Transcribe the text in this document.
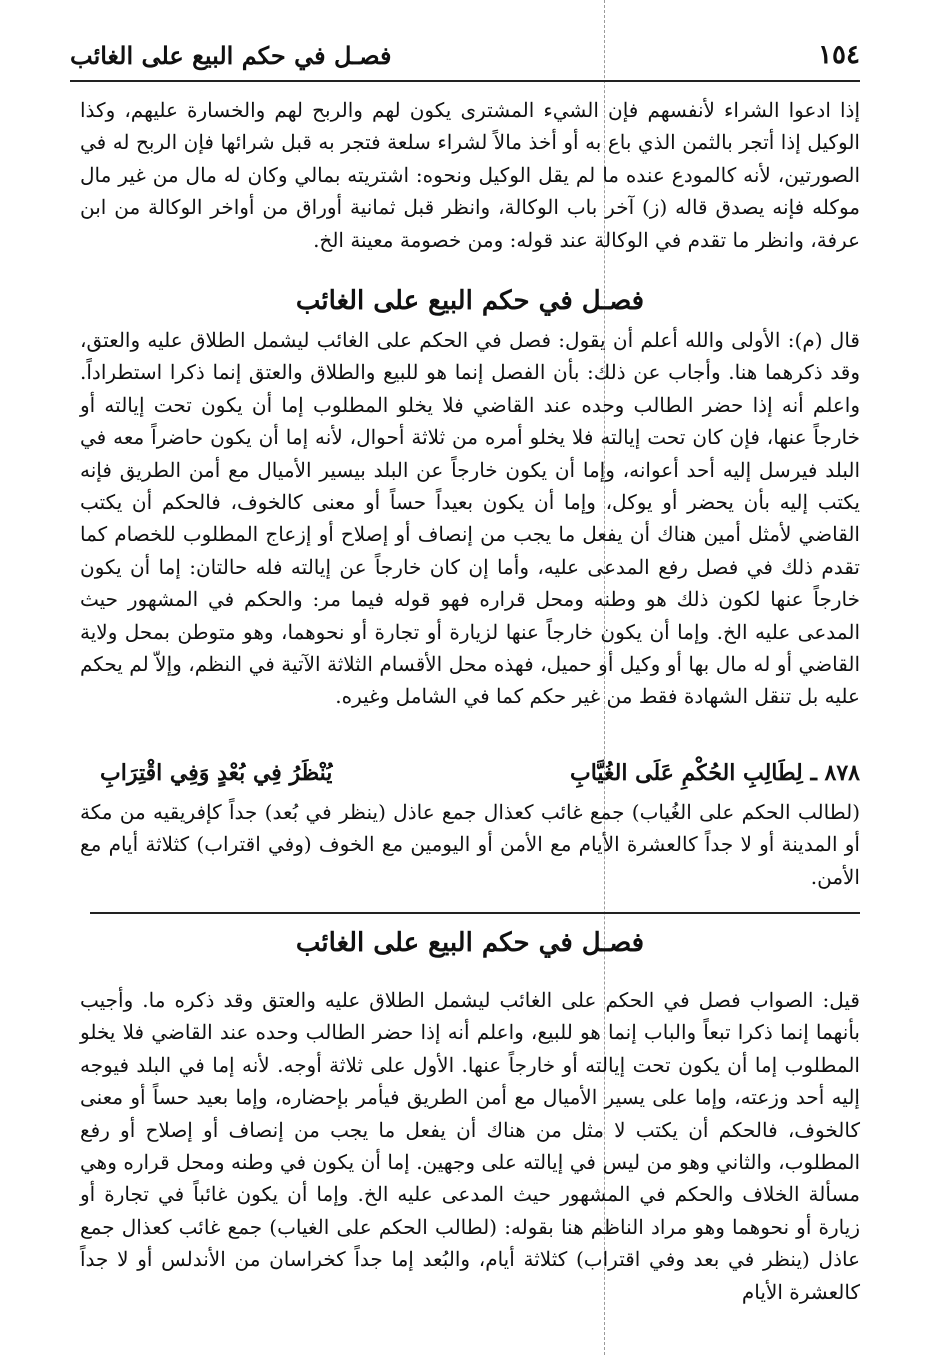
١٥٤
فصـل في حكم البيع على الغائب
إذا ادعوا الشراء لأنفسهم فإن الشيء المشترى يكون لهم والربح لهم والخسارة عليهم، وكذا الوكيل إذا أتجر بالثمن الذي باع به أو أخذ مالاً لشراء سلعة فتجر به قبل شرائها فإن الربح له في الصورتين، لأنه كالمودع عنده ما لم يقل الوكيل ونحوه: اشتريته بمالي وكان له مال من غير مال موكله فإنه يصدق قاله (ز) آخر باب الوكالة، وانظر قبل ثمانية أوراق من أواخر الوكالة من ابن عرفة، وانظر ما تقدم في الوكالة عند قوله: ومن خصومة معينة الخ.
فصـل في حكم البيع على الغائب
قال (م): الأولى والله أعلم أن يقول: فصل في الحكم على الغائب ليشمل الطلاق عليه والعتق، وقد ذكرهما هنا. وأجاب عن ذلك: بأن الفصل إنما هو للبيع والطلاق والعتق إنما ذكرا استطراداً. واعلم أنه إذا حضر الطالب وحده عند القاضي فلا يخلو المطلوب إما أن يكون تحت إيالته أو خارجاً عنها، فإن كان تحت إيالته فلا يخلو أمره من ثلاثة أحوال، لأنه إما أن يكون حاضراً معه في البلد فيرسل إليه أحد أعوانه، وإما أن يكون خارجاً عن البلد بيسير الأميال مع أمن الطريق فإنه يكتب إليه بأن يحضر أو يوكل، وإما أن يكون بعيداً حساً أو معنى كالخوف، فالحكم أن يكتب القاضي لأمثل أمين هناك أن يفعل ما يجب من إنصاف أو إصلاح أو إزعاج المطلوب للخصام كما تقدم ذلك في فصل رفع المدعى عليه، وأما إن كان خارجاً عن إيالته فله حالتان: إما أن يكون خارجاً عنها لكون ذلك هو وطنه ومحل قراره فهو قوله فيما مر: والحكم في المشهور حيث المدعى عليه الخ. وإما أن يكون خارجاً عنها لزيارة أو تجارة أو نحوهما، وهو متوطن بمحل ولاية القاضي أو له مال بها أو وكيل أو حميل، فهذه محل الأقسام الثلاثة الآتية في النظم، وإلاّ لم يحكم عليه بل تنقل الشهادة فقط من غير حكم كما في الشامل وغيره.
٨٧٨ ـ لِطَالِبِ الحُكْمِ عَلَى الغُيَّابِ
يُنْظَرُ فِي بُعْدٍ وَفِي اقْتِرَابِ
(لطالب الحكم على الغُياب) جمع غائب كعذال جمع عاذل (ينظر في بُعد) جداً كإفريقيه من مكة أو المدينة أو لا جداً كالعشرة الأيام مع الأمن أو اليومين مع الخوف (وفي اقتراب) كثلاثة أيام مع الأمن.
فصـل في حكم البيع على الغائب
قيل: الصواب فصل في الحكم على الغائب ليشمل الطلاق عليه والعتق وقد ذكره ما. وأجيب بأنهما إنما ذكرا تبعاً والباب إنما هو للبيع، واعلم أنه إذا حضر الطالب وحده عند القاضي فلا يخلو المطلوب إما أن يكون تحت إيالته أو خارجاً عنها. الأول على ثلاثة أوجه. لأنه إما في البلد فيوجه إليه أحد وزعته، وإما على يسير الأميال مع أمن الطريق فيأمر بإحضاره، وإما بعيد حساً أو معنى كالخوف، فالحكم أن يكتب لا مثل من هناك أن يفعل ما يجب من إنصاف أو إصلاح أو رفع المطلوب، والثاني وهو من ليس في إيالته على وجهين. إما أن يكون في وطنه ومحل قراره وهي مسألة الخلاف والحكم في المشهور حيث المدعى عليه الخ. وإما أن يكون غائباً في تجارة أو زيارة أو نحوهما وهو مراد الناظم هنا بقوله: (لطالب الحكم على الغياب) جمع غائب كعذال جمع عاذل (ينظر في بعد وفي اقتراب) كثلاثة أيام، والبُعد إما جداً كخراسان من الأندلس أو لا جداً كالعشرة الأيام
